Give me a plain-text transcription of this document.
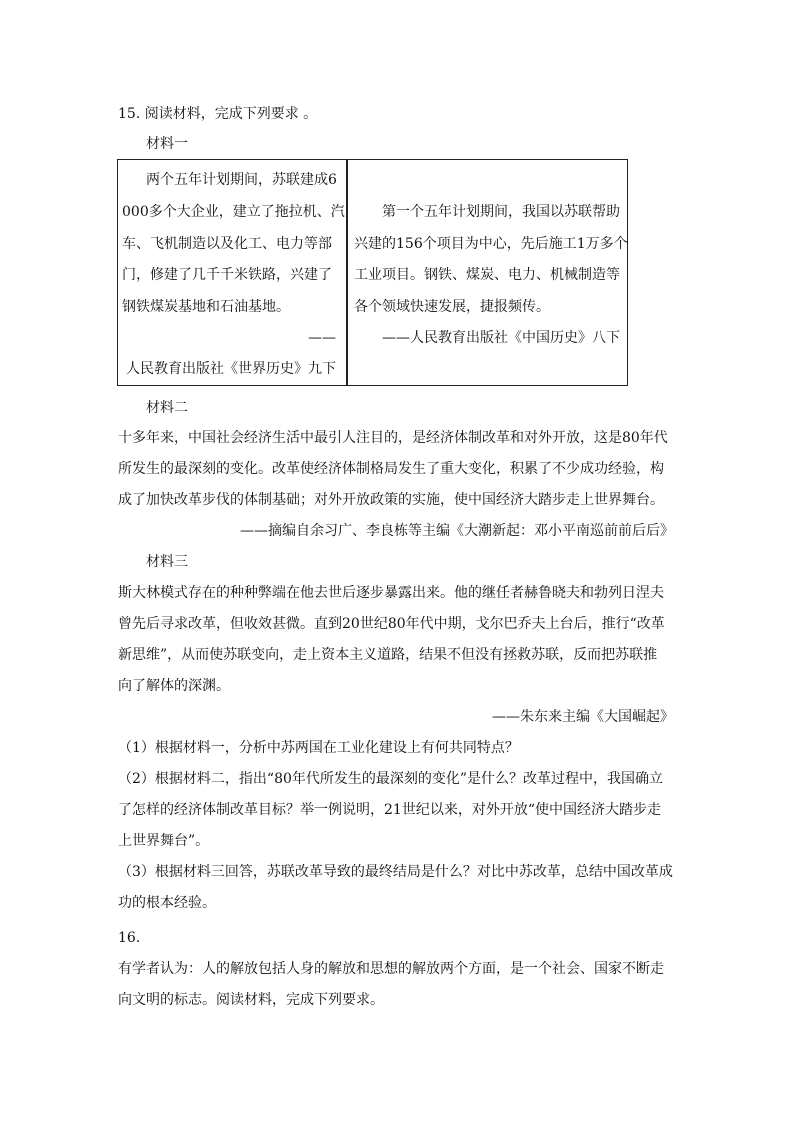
15. 阅读材料，完成下列要求 。
材料一
两个五年计划期间，苏联建成6
000多个大企业，建立了拖拉机、汽
车、飞机制造以及化工、电力等部
门，修建了几千千米铁路，兴建了
钢铁煤炭基地和石油基地。
——
人民教育出版社《世界历史》九下
第一个五年计划期间，我国以苏联帮助
兴建的156个项目为中心，先后施工1万多个
工业项目。钢铁、煤炭、电力、机械制造等
各个领域快速发展，捷报频传。
——人民教育出版社《中国历史》八下
材料二
十多年来，中国社会经济生活中最引人注目的，是经济体制改革和对外开放，这是80年代
所发生的最深刻的变化。改革使经济体制格局发生了重大变化，积累了不少成功经验，构
成了加快改革步伐的体制基础；对外开放政策的实施，使中国经济大踏步走上世界舞台。
——摘编自余习广、李良栋等主编《大潮新起：邓小平南巡前前后后》
材料三
斯大林模式存在的种种弊端在他去世后逐步暴露出来。他的继任者赫鲁晓夫和勃列日涅夫
曾先后寻求改革，但收效甚微。直到20世纪80年代中期，戈尔巴乔夫上台后，推行“改革
新思维”，从而使苏联变向，走上资本主义道路，结果不但没有拯救苏联，反而把苏联推
向了解体的深渊。
——朱东来主编《大国崛起》
（1）根据材料一，分析中苏两国在工业化建设上有何共同特点？
（2）根据材料二，指出“80年代所发生的最深刻的变化”是什么？改革过程中，我国确立
了怎样的经济体制改革目标？举一例说明，21世纪以来，对外开放“使中国经济大踏步走
上世界舞台”。
（3）根据材料三回答，苏联改革导致的最终结局是什么？对比中苏改革，总结中国改革成
功的根本经验。
16.
有学者认为：人的解放包括人身的解放和思想的解放两个方面，是一个社会、国家不断走
向文明的标志。阅读材料，完成下列要求。
